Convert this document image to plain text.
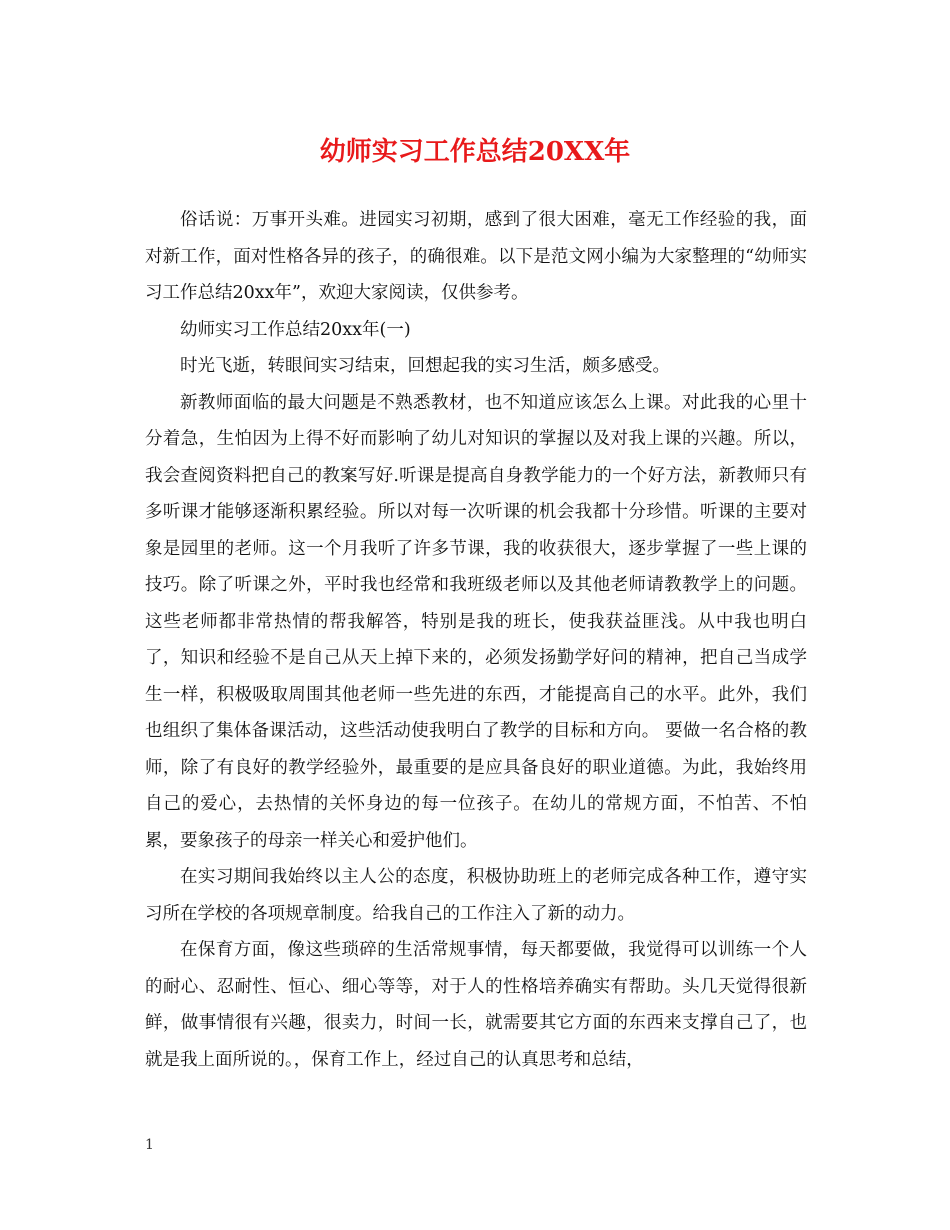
幼师实习工作总结20XX年

俗话说：万事开头难。进园实习初期，感到了很大困难，毫无工作经验的我，面对新工作，面对性格各异的孩子，的确很难。以下是范文网小编为大家整理的“幼师实习工作总结20xx年”，欢迎大家阅读，仅供参考。

幼师实习工作总结20xx年(一)

时光飞逝，转眼间实习结束，回想起我的实习生活，颇多感受。

新教师面临的最大问题是不熟悉教材，也不知道应该怎么上课。对此我的心里十分着急，生怕因为上得不好而影响了幼儿对知识的掌握以及对我上课的兴趣。所以，我会查阅资料把自己的教案写好.听课是提高自身教学能力的一个好方法，新教师只有多听课才能够逐渐积累经验。所以对每一次听课的机会我都十分珍惜。听课的主要对象是园里的老师。这一个月我听了许多节课，我的收获很大，逐步掌握了一些上课的技巧。除了听课之外，平时我也经常和我班级老师以及其他老师请教教学上的问题。这些老师都非常热情的帮我解答，特别是我的班长，使我获益匪浅。从中我也明白了，知识和经验不是自己从天上掉下来的，必须发扬勤学好问的精神，把自己当成学生一样，积极吸取周围其他老师一些先进的东西，才能提高自己的水平。此外，我们也组织了集体备课活动，这些活动使我明白了教学的目标和方向。 要做一名合格的教师，除了有良好的教学经验外，最重要的是应具备良好的职业道德。为此，我始终用自己的爱心，去热情的关怀身边的每一位孩子。在幼儿的常规方面，不怕苦、不怕累，要象孩子的母亲一样关心和爱护他们。

在实习期间我始终以主人公的态度，积极协助班上的老师完成各种工作，遵守实习所在学校的各项规章制度。给我自己的工作注入了新的动力。

在保育方面，像这些琐碎的生活常规事情，每天都要做，我觉得可以训练一个人的耐心、忍耐性、恒心、细心等等，对于人的性格培养确实有帮助。头几天觉得很新鲜，做事情很有兴趣，很卖力，时间一长，就需要其它方面的东西来支撑自己了，也就是我上面所说的。，保育工作上，经过自己的认真思考和总结，

1
